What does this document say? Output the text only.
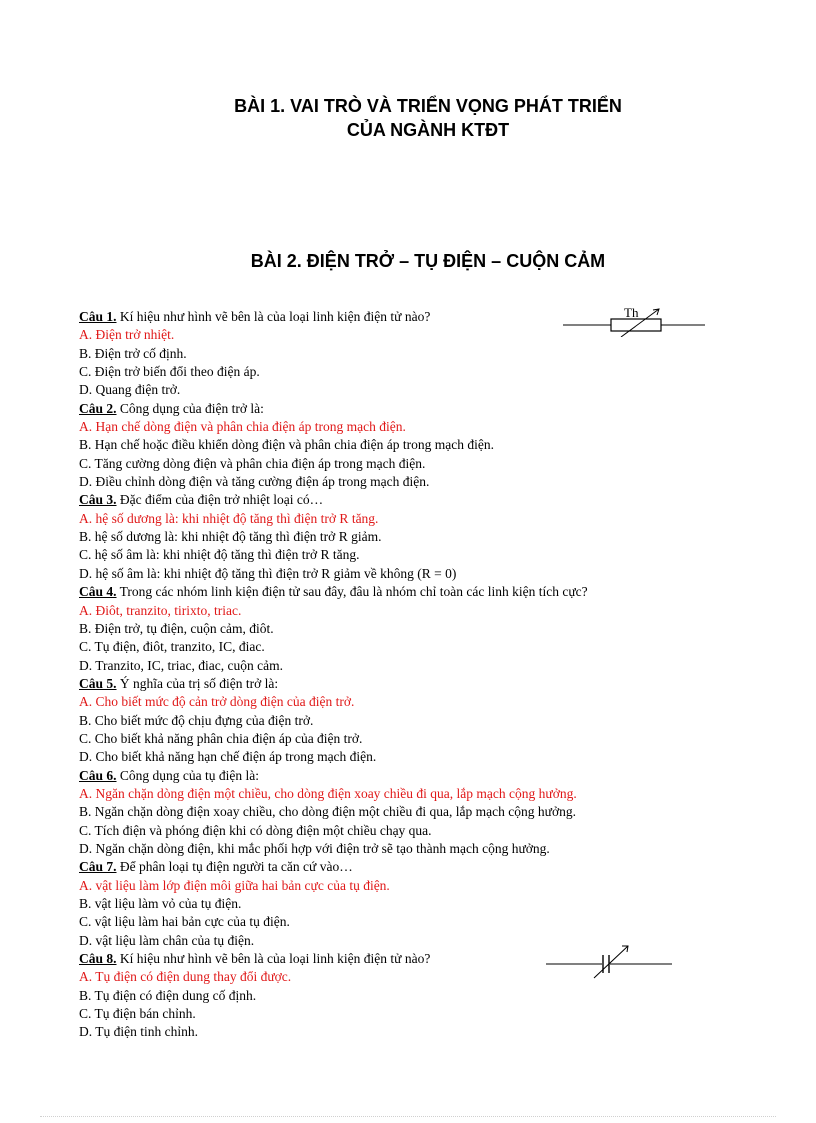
BÀI 1. VAI TRÒ VÀ TRIỂN VỌNG PHÁT TRIỂN
CỦA NGÀNH KTĐT
BÀI 2. ĐIỆN TRỞ – TỤ ĐIỆN – CUỘN CẢM
Th
Câu 1. Kí hiệu như hình vẽ bên là của loại linh kiện điện tử nào?
A. Điện trở nhiệt.
B. Điện trở cố định.
C. Điện trở biến đổi theo điện áp.
D. Quang điện trở.
Câu 2. Công dụng của điện trở là:
A. Hạn chế dòng điện và phân chia điện áp trong mạch điện.
B. Hạn chế hoặc điều khiển dòng điện và phân chia điện áp trong mạch điện.
C. Tăng cường dòng điện và phân chia điện áp trong mạch điện.
D. Điều chỉnh dòng điện và tăng cường điện áp trong mạch điện.
Câu 3. Đặc điểm của điện trở nhiệt loại có…
A. hệ số dương là: khi nhiệt độ tăng thì điện trở R tăng.
B. hệ số dương là: khi nhiệt độ tăng thì điện trở R giảm.
C. hệ số âm là: khi nhiệt độ tăng thì điện trở R tăng.
D. hệ số âm là: khi nhiệt độ tăng thì điện trở R giảm về không (R = 0)
Câu 4. Trong các nhóm linh kiện điện tử sau đây, đâu là nhóm chỉ toàn các linh kiện tích cực?
A. Điôt, tranzito, tirixto, triac.
B. Điện trở, tụ điện, cuộn cảm, điôt.
C. Tụ điện, điôt, tranzito, IC, điac.
D. Tranzito, IC, triac, điac, cuộn cảm.
Câu 5. Ý nghĩa của trị số điện trở là:
A. Cho biết mức độ cản trở dòng điện của điện trở.
B. Cho biết mức độ chịu đựng của điện trở.
C. Cho biết khả năng phân chia điện áp của điện trở.
D. Cho biết khả năng hạn chế điện áp trong mạch điện.
Câu 6. Công dụng của tụ điện là:
A. Ngăn chặn dòng điện một chiều, cho dòng điện xoay chiều đi qua, lắp mạch cộng hưởng.
B. Ngăn chặn dòng điện xoay chiều, cho dòng điện một chiều đi qua, lắp mạch cộng hưởng.
C. Tích điện và phóng điện khi có dòng điện một chiều chạy qua.
D. Ngăn chặn dòng điện, khi mắc phối hợp với điện trở sẽ tạo thành mạch cộng hưởng.
Câu 7. Để phân loại tụ điện người ta căn cứ vào…
A. vật liệu làm lớp điện môi giữa hai bản cực của tụ điện.
B. vật liệu làm vỏ của tụ điện.
C. vật liệu làm hai bản cực của tụ điện.
D. vật liệu làm chân của tụ điện.
Câu 8. Kí hiệu như hình vẽ bên là của loại linh kiện điện tử nào?
A. Tụ điện có điện dung thay đổi được.
B. Tụ điện có điện dung cố định.
C. Tụ điện bán chỉnh.
D. Tụ điện tinh chỉnh.
